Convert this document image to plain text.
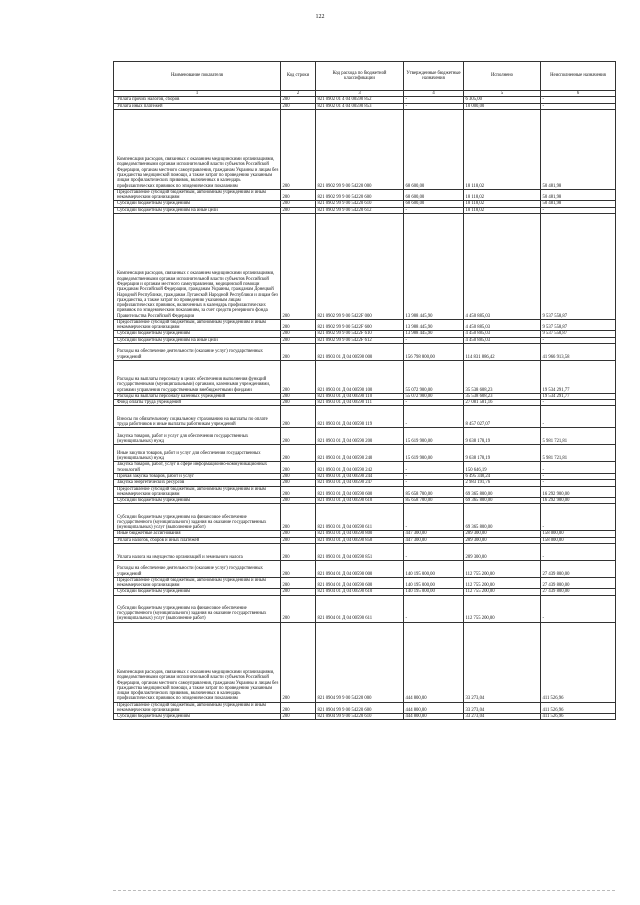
122
Наименование показателя	Код строки	Код расхода по бюджетной классификации	Утвержденные бюджетные назначения	Исполнено	Неисполненные назначения
1	2	3	4	5	6
Уплата прочих налогов, сборов	200	821 0902 01 4 04 00590 852	-	6 305,00	-
Уплата иных платежей	200	821 0902 01 4 04 00590 853	-	10 000,00	-
Компенсация расходов, связанных с оказанием медицинскими организациями, подведомственными органам исполнительной власти субъектов Российской Федерации, органам местного самоуправления, гражданам Украины и лицам без гражданства медицинской помощи, а также затрат по проведению указанным лицам профилактических прививок, включенных в календарь профилактических прививок по эпидемическим показаниям	200	821 0902 99 9 00 54220 000	68 600,00	18 118,02	50 481,98
Предоставление субсидий бюджетным, автономным учреждениям и иным некоммерческим организациям	200	821 0902 99 9 00 54220 600	68 600,00	18 118,02	50 481,98
Субсидии бюджетным учреждениям	200	821 0902 99 9 00 54220 610	68 600,00	18 118,02	50 481,98
Субсидии бюджетным учреждениям на иные цели	200	821 0902 99 9 00 54220 612	-	18 118,02	-
Компенсация расходов, связанных с оказанием медицинскими организациями, подведомственными органам исполнительной власти субъектов Российской Федерации и органам местного самоуправления, медицинской помощи гражданам Российской Федерации, гражданам Украины, гражданам Донецкой Народной Республики, гражданам Луганской Народной Республики и лицам без гражданства, а также затрат по проведению указанным лицам профилактических прививок, включенных в календарь профилактических прививок по эпидемическим показаниям, за счет средств резервного фонда Правительства Российской Федерации	200	821 0902 99 9 00 5422F 000	13 988 445,90	4 450 885,03	9 537 558,87
Предоставление субсидий бюджетным, автономным учреждениям и иным некоммерческим организациям	200	821 0902 99 9 00 5422F 600	13 988 445,90	4 450 885,03	9 537 558,87
Субсидии бюджетным учреждениям	200	821 0902 99 9 00 5422F 610	13 988 445,90	4 450 885,03	9 537 558,87
Субсидии бюджетным учреждениям на иные цели	200	821 0902 99 9 00 5422F 612	-	4 450 885,03	-
Расходы на обеспечение деятельности (оказание услуг) государственных учреждений	200	821 0903 01 Д 04 00590 000	156 798 800,00	114 831 886,42	41 966 913,58
Расходы на выплаты персоналу в целях обеспечения выполнения функций государственными (муниципальными) органами, казенными учреждениями, органами управления государственными внебюджетными фондами	200	821 0903 01 Д 04 00590 100	55 072 900,00	35 538 608,23	19 534 291,77
Расходы на выплаты персоналу казенных учреждений	200	821 0903 01 Д 04 00590 110	55 072 900,00	35 538 608,23	19 534 291,77
Фонд оплаты труда учреждений	200	821 0903 01 Д 04 00590 111	-	27 081 581,16	-
Взносы по обязательному социальному страхованию на выплаты по оплате труда работников и иные выплаты работникам учреждений	200	821 0903 01 Д 04 00590 119	-	8 457 027,07	-
Закупка товаров, работ и услуг для обеспечения государственных (муниципальных) нужд	200	821 0903 01 Д 04 00590 200	15 619 900,00	9 638 178,19	5 981 721,81
Иные закупки товаров, работ и услуг для обеспечения государственных (муниципальных) нужд	200	821 0903 01 Д 04 00590 240	15 619 900,00	9 638 178,19	5 981 721,81
Закупка товаров, работ, услуг в сфере информационно-коммуникационных технологий	200	821 0903 01 Д 04 00590 242	-	150 646,19	-
Прочая закупка товаров, работ и услуг	200	821 0903 01 Д 04 00590 244	-	6 495 340,24	-
Закупка энергетических ресурсов	200	821 0903 01 Д 04 00590 247	-	2 983 191,76	-
Предоставление субсидий бюджетным, автономным учреждениям и иным некоммерческим организациям	200	821 0903 01 Д 04 00590 600	85 658 700,00	69 365 800,00	16 292 900,00
Субсидии бюджетным учреждениям	200	821 0903 01 Д 04 00590 610	85 658 700,00	69 365 800,00	16 292 900,00
Субсидии бюджетным учреждениям на финансовое обеспечение государственного (муниципального) задания на оказание государственных (муниципальных) услуг (выполнение работ)	200	821 0903 01 Д 04 00590 611	-	69 365 800,00	-
Иные бюджетные ассигнования	200	821 0903 01 Д 04 00590 800	447 300,00	289 300,00	158 000,00
Уплата налогов, сборов и иных платежей	200	821 0903 01 Д 04 00590 850	447 300,00	289 300,00	158 000,00
Уплата налога на имущество организаций и земельного налога	200	821 0903 01 Д 04 00590 851	-	289 300,00	-
Расходы на обеспечение деятельности (оказание услуг) государственных учреждений	200	821 0904 01 Д 04 00590 000	140 195 000,00	112 755 200,00	27 439 800,00
Предоставление субсидий бюджетным, автономным учреждениям и иным некоммерческим организациям	200	821 0904 01 Д 04 00590 600	140 195 000,00	112 755 200,00	27 439 800,00
Субсидии бюджетным учреждениям	200	821 0904 01 Д 04 00590 610	140 195 000,00	112 755 200,00	27 439 800,00
Субсидии бюджетным учреждениям на финансовое обеспечение государственного (муниципального) задания на оказание государственных (муниципальных) услуг (выполнение работ)	200	821 0904 01 Д 04 00590 611	-	112 755 200,00	-
Компенсация расходов, связанных с оказанием медицинскими организациями, подведомственными органам исполнительной власти субъектов Российской Федерации, органам местного самоуправления, гражданам Украины и лицам без гражданства медицинской помощи, а также затрат по проведению указанным лицам профилактических прививок, включенных в календарь профилактических прививок по эпидемическим показаниям	200	821 0904 99 9 00 54220 000	444 800,00	33 273,04	411 526,96
Предоставление субсидий бюджетным, автономным учреждениям и иным некоммерческим организациям	200	821 0904 99 9 00 54220 600	444 800,00	33 273,04	411 526,96
Субсидии бюджетным учреждениям	200	821 0904 99 9 00 54220 610	444 800,00	33 273,04	411 526,96
